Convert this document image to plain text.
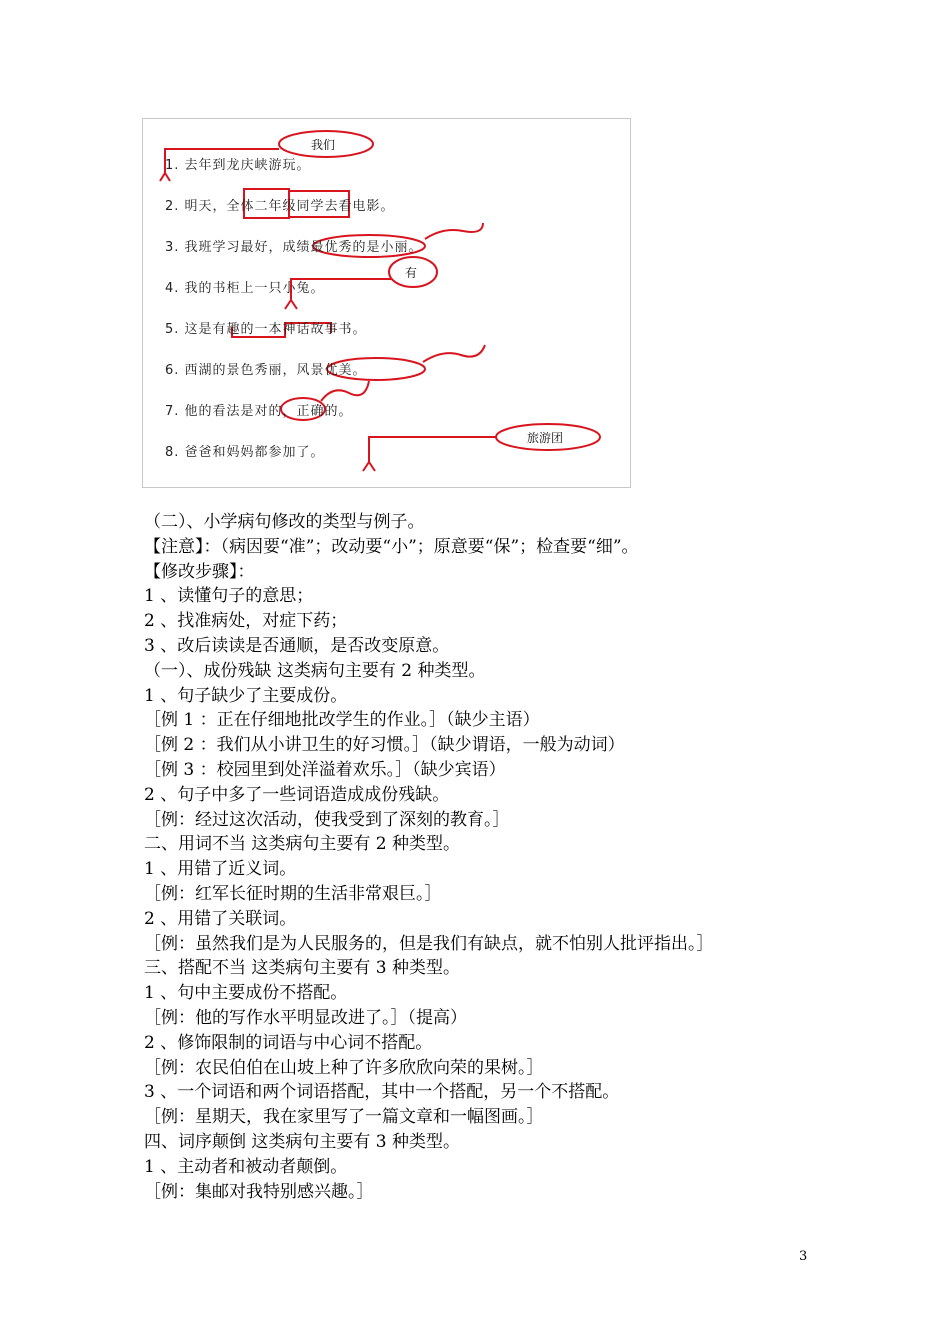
我们
有
旅游团
1. 去年到龙庆峡游玩。
2. 明天，全体二年级同学去看电影。
3. 我班学习最好，成绩最优秀的是小丽。
4. 我的书柜上一只小兔。
5. 这是有趣的一本神话故事书。
6. 西湖的景色秀丽，风景优美。
7. 他的看法是对的，正确的。
8. 爸爸和妈妈都参加了。
（二）、小学病句修改的类型与例子。
【注意】：（病因要“准”；改动要“小”；原意要“保”；检查要“细”。
【修改步骤】：
1 、读懂句子的意思；
2 、找准病处，对症下药；
3 、改后读读是否通顺，是否改变原意。
（一）、成份残缺 这类病句主要有 2 种类型。
1 、句子缺少了主要成份。
［例 1 ：正在仔细地批改学生的作业。］（缺少主语）
［例 2 ：我们从小讲卫生的好习惯。］（缺少谓语，一般为动词）
［例 3 ：校园里到处洋溢着欢乐。］（缺少宾语）
2 、句子中多了一些词语造成成份残缺。
［例：经过这次活动，使我受到了深刻的教育。］
二、用词不当 这类病句主要有 2 种类型。
1 、用错了近义词。
［例：红军长征时期的生活非常艰巨。］
2 、用错了关联词。
［例：虽然我们是为人民服务的，但是我们有缺点，就不怕别人批评指出。］
三、搭配不当 这类病句主要有 3 种类型。
1 、句中主要成份不搭配。
［例：他的写作水平明显改进了。］（提高）
2 、修饰限制的词语与中心词不搭配。
［例：农民伯伯在山坡上种了许多欣欣向荣的果树。］
3 、一个词语和两个词语搭配，其中一个搭配，另一个不搭配。
［例：星期天，我在家里写了一篇文章和一幅图画。］
四、词序颠倒 这类病句主要有 3 种类型。
1 、主动者和被动者颠倒。
［例：集邮对我特别感兴趣。］
3
